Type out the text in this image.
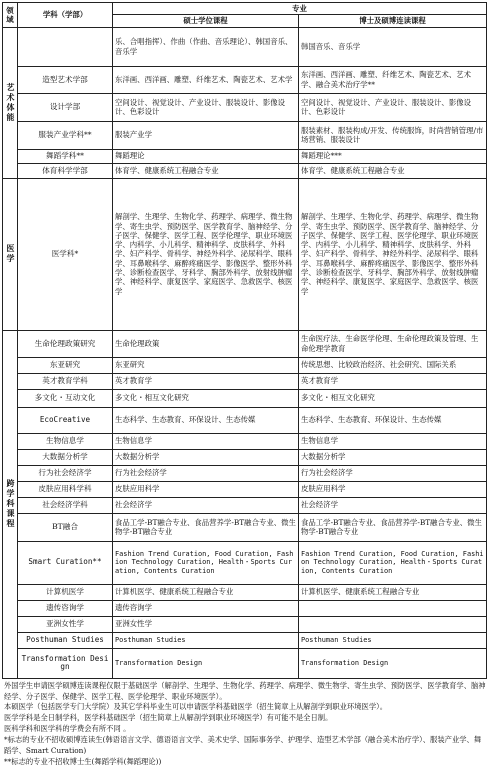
领域	学科（学部）	专业	
		硕士学位课程	博士及硕博连读课程
艺术体能		乐、合唱指挥）、作曲（作曲、音乐理论）、韩国音乐、音乐学	韩国音乐、音乐学
	造型艺术学部	东洋画、西洋画、雕塑、纤维艺术、陶瓷艺术、艺术学	东洋画、西洋画、雕塑、纤维艺术、陶瓷艺术、艺术学、融合美术治疗学**
	设计学部	空间设计、视觉设计、产业设计、服装设计、影像设计、色彩设计	空间设计、视觉设计、产业设计、服装设计、影像设计、色彩设计
	服装产业学科**	服装产业学	服装素材、服装构成/开发、传统服饰，时尚营销管理/市场营销、服装设计
	舞蹈学科**	舞蹈理论	舞蹈理论***
	体育科学学部	体育学、健康系统工程融合专业	体育学、健康系统工程融合专业
医学	医学科*	解剖学、生理学、生物化学、药理学、病理学、微生物学、寄生虫学、预防医学、医学教育学、脑神经学、分子医学、保健学、医学工程、医学伦理学、职业环境医学、内科学、小儿科学、精神科学、皮肤科学、外科学、妇产科学、骨科学、神经外科学、泌尿科学、眼科学、耳鼻喉科学、麻醉疼痛医学、影像医学、整形外科学、诊断检查医学、牙科学、胸部外科学、放射线肿瘤学、神经科学、康复医学、家庭医学、急救医学、核医学	解剖学、生理学、生物化学、药理学、病理学、微生物学、寄生虫学、预防医学、医学教育学、脑神经学、分子医学、保健学、医学工程、医学伦理学、职业环境医学、内科学、小儿科学、精神科学、皮肤科学、外科学、妇产科学、骨科学、神经外科学、泌尿科学、眼科学、耳鼻喉科学、麻醉疼痛医学、影像医学、整形外科学、诊断检查医学、牙科学、胸部外科学、放射线肿瘤学、神经科学、康复医学、家庭医学、急救医学、核医学
跨学科课程	生命伦理政策研究	生命伦理政策	生命医疗法、生命医学伦理、生命伦理政策及管理、生命伦理学教育
	东亚研究	东亚研究	传统思想、比较政治经济、社会研究、国际关系
	英才教育学科	英才教育学	英才教育学
	多文化・互动文化	多文化・相互文化研究	多文化・相互文化研究
	EcoCreative	生态科学、生态教育、环保设计、生态传媒	生态科学、生态教育、环保设计、生态传媒
	生物信息学	生物信息学	生物信息学
	大数据分析学	大数据分析学	大数据分析学
	行为社会经济学	行为社会经济学	行为社会经济学
	皮肤应用科学科	皮肤应用科学	皮肤应用科学
	社会经济学科	社会经济学	社会经济学
	BT融合	食品工学-BT融合专业、食品营养学-BT融合专业、微生物学-BT融合专业	食品工学-BT融合专业、食品营养学-BT融合专业、微生物学-BT融合专业
	Smart Curation**	Fashion Trend Curation, Food Curation, Fashion Technology Curation, Health・Sports Curation, Contents Curation	Fashion Trend Curation, Food Curation, Fashion Technology Curation, Health・Sports Curation, Contents Curation
	计算机医学	计算机医学、健康系统工程融合专业	计算机医学、健康系统工程融合专业
	遗传咨询学	遗传咨询学	
	亚洲女性学	亚洲女性学	
	Posthuman Studies	Posthuman Studies	Posthuman Studies
	Transformation Design	Transformation Design	Transformation Design
外国学生申请医学硕博连读课程仅限于基础医学（解剖学、生理学、生物化学、药理学、病理学、微生物学、寄生虫学、预防医学、医学教育学、脑神经学、分子医学、保健学、医学工程、医学伦理学、职业环境医学）。
本硕医学（包括医学专门大学院）及其它学科毕业生可以申请医学科基础医学（招生简章上从解剖学到职业环境医学）。
医学学科是全日制学科，医学科基础医学（招生简章上从解剖学到职业环境医学）有可能不是全日制。
医科学科和医学科的学费会有所不同 。
*标志的专业不招收硕博连读生(韩语语言文学、德语语言文学、美术史学、国际事务学、护理学、造型艺术学部（融合美术治疗学）、服装产业学、舞蹈学、Smart Curation)
**标志的专业不招收博士生(舞蹈学科(舞蹈理论))
